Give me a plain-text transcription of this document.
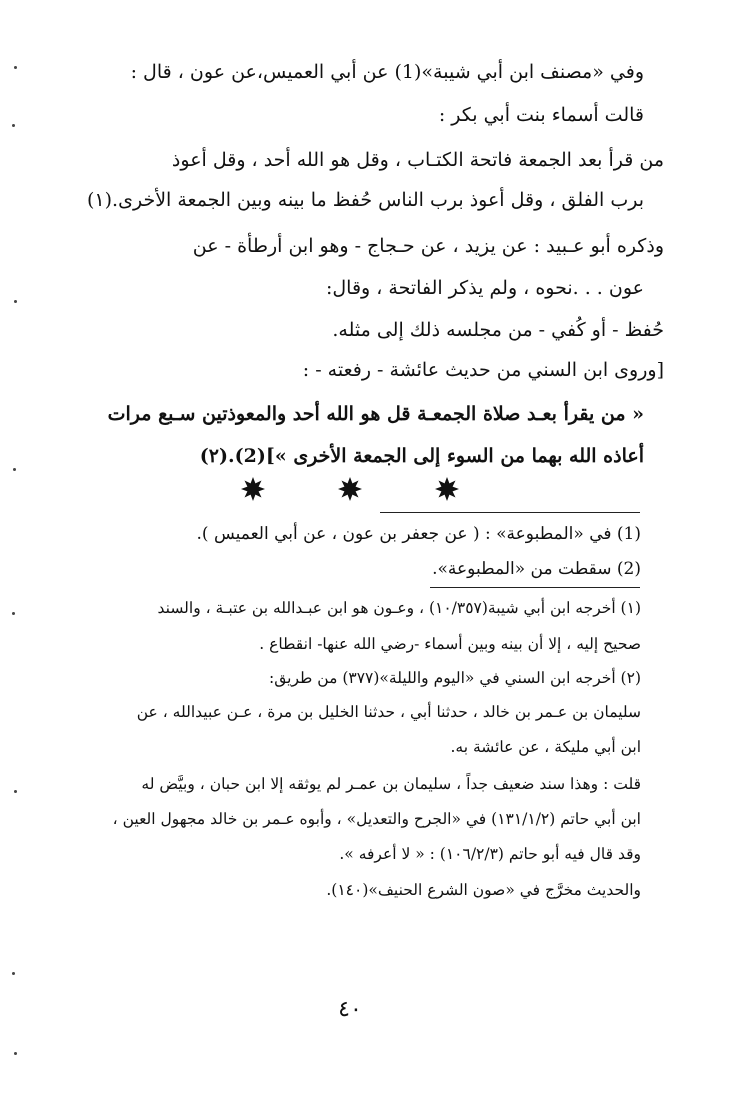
وفي «مصنف ابن أبي شيبة»(1) عن أبي العميس،عن عون ، قال :
قالت أسماء بنت أبي بكر :
من قرأ بعد الجمعة فاتحة الكتـاب ، وقل هو الله أحد ، وقل أعوذ
برب الفلق ، وقل أعوذ برب الناس حُفظ ما بينه وبين الجمعة الأخرى.(١)
وذكره أبو عـبيد : عن يزيد ، عن حـجاج - وهو ابن أرطأة - عن
عون . . .نحوه ، ولم يذكر الفاتحة ، وقال:
حُفظ - أو كُفي - من مجلسه ذلك إلى مثله.
[وروى ابن السني من حديث عائشة - رفعته - :
« من يقرأ بعـد صلاة الجمعـة قل هو الله أحد والمعوذتين سـبع مرات
أعاذه الله بهما من السوء إلى الجمعة الأخرى »](2).(٢)
(1) في «المطبوعة» : ( عن جعفر بن عون ، عن أبي العميس ).
(2) سقطت من «المطبوعة».
(١) أخرجه ابن أبي شيبة(١٠/٣٥٧) ، وعـون هو ابن عبـدالله بن عتبـة ، والسند
صحيح إليه ، إلا أن بينه وبين أسماء -رضي الله عنها- انقطاع .
(٢) أخرجه ابن السني في «اليوم والليلة»(٣٧٧) من طريق:
سليمان بن عـمر بن خالد ، حدثنا أبي ، حدثنا الخليل بن مرة ، عـن عبيدالله ، عن
ابن أبي مليكة ، عن عائشة به.
قلت : وهذا سند ضعيف جداً ، سليمان بن عمـر لم يوثقه إلا ابن حبان ، وبيَّض له
ابن أبي حاتم (١٣١/١/٢) في «الجرح والتعديل» ، وأبوه عـمر بن خالد مجهول العين ،
وقد قال فيه أبو حاتم (١٠٦/٢/٣) : « لا أعرفه ».
والحديث مخرَّج في «صون الشرع الحنيف»(١٤٠).
٤٠
